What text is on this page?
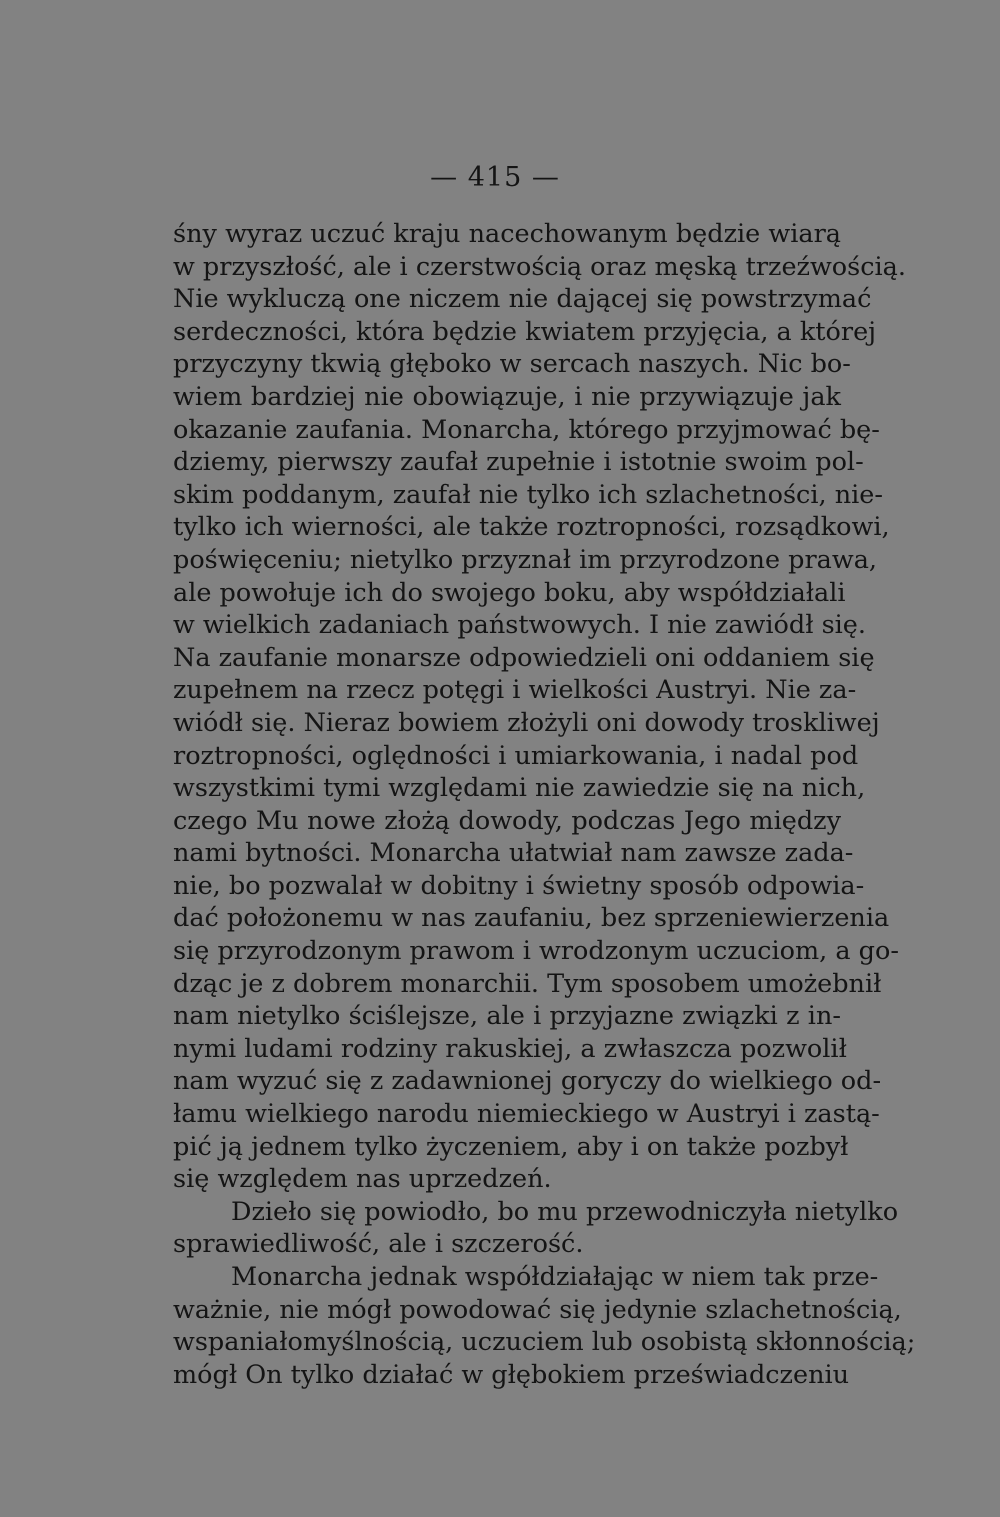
— 415 —
śny wyraz uczuć kraju nacechowanym będzie wiarą
w przyszłość, ale i czerstwością oraz męską trzeźwością.
Nie wykluczą one niczem nie dającej się powstrzymać
serdeczności, która będzie kwiatem przyjęcia, a której
przyczyny tkwią głęboko w sercach naszych. Nic bo-
wiem bardziej nie obowiązuje, i nie przywiązuje jak
okazanie zaufania. Monarcha, którego przyjmować bę-
dziemy, pierwszy zaufał zupełnie i istotnie swoim pol-
skim poddanym, zaufał nie tylko ich szlachetności, nie-
tylko ich wierności, ale także roztropności, rozsądkowi,
poświęceniu; nietylko przyznał im przyrodzone prawa,
ale powołuje ich do swojego boku, aby współdziałali
w wielkich zadaniach państwowych. I nie zawiódł się.
Na zaufanie monarsze odpowiedzieli oni oddaniem się
zupełnem na rzecz potęgi i wielkości Austryi. Nie za-
wiódł się. Nieraz bowiem złożyli oni dowody troskliwej
roztropności, oględności i umiarkowania, i nadal pod
wszystkimi tymi względami nie zawiedzie się na nich,
czego Mu nowe złożą dowody, podczas Jego między
nami bytności. Monarcha ułatwiał nam zawsze zada-
nie, bo pozwalał w dobitny i świetny sposób odpowia-
dać położonemu w nas zaufaniu, bez sprzeniewierzenia
się przyrodzonym prawom i wrodzonym uczuciom, a go-
dząc je z dobrem monarchii. Tym sposobem umożebnił
nam nietylko ściślejsze, ale i przyjazne związki z in-
nymi ludami rodziny rakuskiej, a zwłaszcza pozwolił
nam wyzuć się z zadawnionej goryczy do wielkiego od-
łamu wielkiego narodu niemieckiego w Austryi i zastą-
pić ją jednem tylko życzeniem, aby i on także pozbył
się względem nas uprzedzeń.
Dzieło się powiodło, bo mu przewodniczyła nietylko
sprawiedliwość, ale i szczerość.
Monarcha jednak współdziałając w niem tak prze-
ważnie, nie mógł powodować się jedynie szlachetnością,
wspaniałomyślnością, uczuciem lub osobistą skłonnością;
mógł On tylko działać w głębokiem przeświadczeniu
